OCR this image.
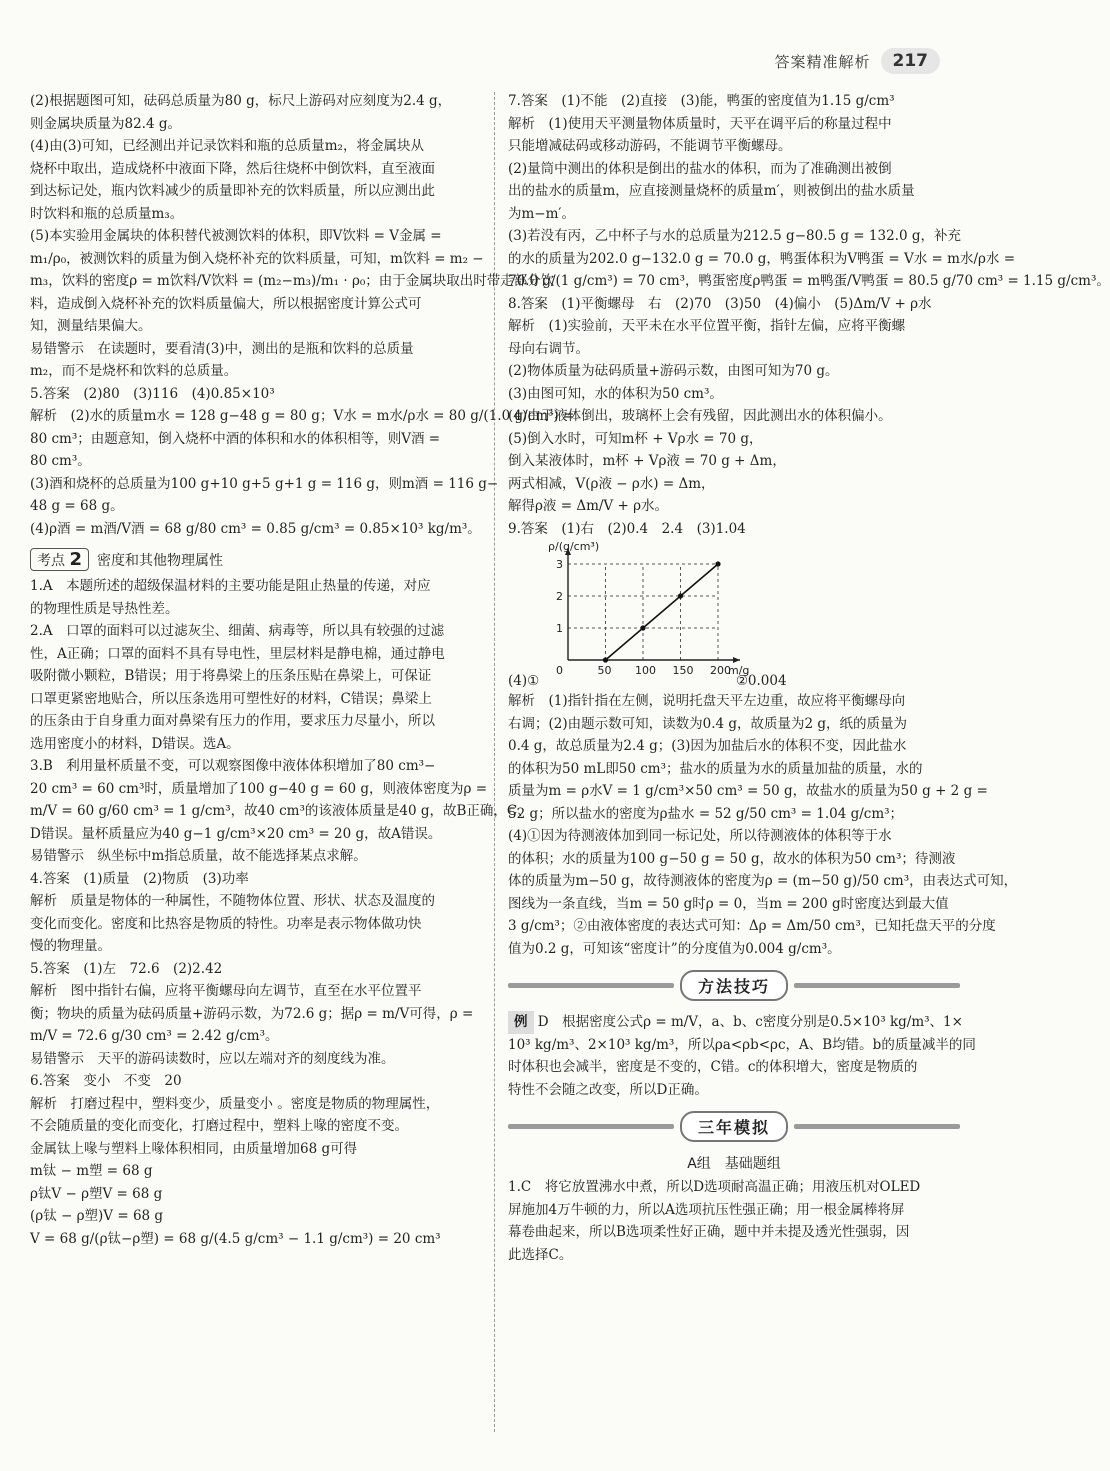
答案精准解析	217
(2)根据题图可知，砝码总质量为80 g，标尺上游码对应刻度为2.4 g，
则金属块质量为82.4 g。
(4)由(3)可知，已经测出并记录饮料和瓶的总质量m₂，将金属块从
烧杯中取出，造成烧杯中液面下降，然后往烧杯中倒饮料，直至液面
到达标记处，瓶内饮料减少的质量即补充的饮料质量，所以应测出此
时饮料和瓶的总质量m₃。
(5)本实验用金属块的体积替代被测饮料的体积，即V饮料 = V金属 =
m₁/ρ₀，被测饮料的质量为倒入烧杯补充的饮料质量，可知，m饮料 = m₂ −
m₃，饮料的密度ρ = m饮料/V饮料 = (m₂−m₃)/m₁ · ρ₀；由于金属块取出时带走部分饮
料，造成倒入烧杯补充的饮料质量偏大，所以根据密度计算公式可
知，测量结果偏大。
易错警示　在读题时，要看清(3)中，测出的是瓶和饮料的总质量
m₂，而不是烧杯和饮料的总质量。
5.答案　(2)80　(3)116　(4)0.85×10³
解析　(2)水的质量m水 = 128 g−48 g = 80 g；V水 = m水/ρ水 = 80 g/(1.0 g/cm³) =
80 cm³；由题意知，倒入烧杯中酒的体积和水的体积相等，则V酒 =
80 cm³。
(3)酒和烧杯的总质量为100 g+10 g+5 g+1 g = 116 g，则m酒 = 116 g−
48 g = 68 g。
(4)ρ酒 = m酒/V酒 = 68 g/80 cm³ = 0.85 g/cm³ = 0.85×10³ kg/m³。
考点 2	密度和其他物理属性
1.A　本题所述的超级保温材料的主要功能是阻止热量的传递，对应
的物理性质是导热性差。
2.A　口罩的面料可以过滤灰尘、细菌、病毒等，所以具有较强的过滤
性，A正确；口罩的面料不具有导电性，里层材料是静电棉，通过静电
吸附微小颗粒，B错误；用于将鼻梁上的压条压贴在鼻梁上，可保证
口罩更紧密地贴合，所以压条选用可塑性好的材料，C错误；鼻梁上
的压条由于自身重力面对鼻梁有压力的作用，要求压力尽量小，所以
选用密度小的材料，D错误。选A。
3.B　利用量杯质量不变，可以观察图像中液体体积增加了80 cm³−
20 cm³ = 60 cm³时，质量增加了100 g−40 g = 60 g，则液体密度为ρ =
m/V = 60 g/60 cm³ = 1 g/cm³，故40 cm³的该液体质量是40 g，故B正确，C、
D错误。量杯质量应为40 g−1 g/cm³×20 cm³ = 20 g，故A错误。
易错警示　纵坐标中m指总质量，故不能选择某点求解。
4.答案　(1)质量　(2)物质　(3)功率
解析　质量是物体的一种属性，不随物体位置、形状、状态及温度的
变化而变化。密度和比热容是物质的特性。功率是表示物体做功快
慢的物理量。
5.答案　(1)左　72.6　(2)2.42
解析　图中指针右偏，应将平衡螺母向左调节，直至在水平位置平
衡；物块的质量为砝码质量+游码示数，为72.6 g；据ρ = m/V可得，ρ =
m/V = 72.6 g/30 cm³ = 2.42 g/cm³。
易错警示　天平的游码读数时，应以左端对齐的刻度线为准。
6.答案　变小　不变　20
解析　打磨过程中，塑料变少，质量变小 。密度是物质的物理属性，
不会随质量的变化而变化，打磨过程中，塑料上喙的密度不变。
金属钛上喙与塑料上喙体积相同，由质量增加68 g可得
m钛 − m塑 = 68 g
ρ钛V − ρ塑V = 68 g
(ρ钛 − ρ塑)V = 68 g
V = 68 g/(ρ钛−ρ塑) = 68 g/(4.5 g/cm³ − 1.1 g/cm³) = 20 cm³
7.答案　(1)不能　(2)直接　(3)能，鸭蛋的密度值为1.15 g/cm³
解析　(1)使用天平测量物体质量时，天平在调平后的称量过程中
只能增减砝码或移动游码，不能调节平衡螺母。
(2)量筒中测出的体积是倒出的盐水的体积，而为了准确测出被倒
出的盐水的质量m，应直接测量烧杯的质量m′，则被倒出的盐水质量
为m−m′。
(3)若没有丙，乙中杯子与水的总质量为212.5 g−80.5 g = 132.0 g，补充
的水的质量为202.0 g−132.0 g = 70.0 g，鸭蛋体积为V鸭蛋 = V水 = m水/ρ水 =
70.0 g/(1 g/cm³) = 70 cm³，鸭蛋密度ρ鸭蛋 = m鸭蛋/V鸭蛋 = 80.5 g/70 cm³ = 1.15 g/cm³。
8.答案　(1)平衡螺母　右　(2)70　(3)50　(4)偏小　(5)Δm/V + ρ水
解析　(1)实验前，天平未在水平位置平衡，指针左偏，应将平衡螺
母向右调节。
(2)物体质量为砝码质量+游码示数，由图可知为70 g。
(3)由图可知，水的体积为50 cm³。
(4)由于液体倒出，玻璃杯上会有残留，因此测出水的体积偏小。
(5)倒入水时，可知m杯 + Vρ水 = 70 g，
倒入某液体时，m杯 + Vρ液 = 70 g + Δm，
两式相减，V(ρ液 − ρ水) = Δm，
解得ρ液 = Δm/V + ρ水。
9.答案　(1)右　(2)0.4　2.4　(3)1.04
1
2
3
0	50 100 150 200
m/g
ρ/(g/cm³)
(4)①	②0.004
解析　(1)指针指在左侧，说明托盘天平左边重，故应将平衡螺母向
右调；(2)由题示数可知，读数为0.4 g，故质量为2 g，纸的质量为
0.4 g，故总质量为2.4 g；(3)因为加盐后水的体积不变，因此盐水
的体积为50 mL即50 cm³；盐水的质量为水的质量加盐的质量，水的
质量为m = ρ水V = 1 g/cm³×50 cm³ = 50 g，故盐水的质量为50 g + 2 g =
52 g；所以盐水的密度为ρ盐水 = 52 g/50 cm³ = 1.04 g/cm³；
(4)①因为待测液体加到同一标记处，所以待测液体的体积等于水
的体积；水的质量为100 g−50 g = 50 g，故水的体积为50 cm³；待测液
体的质量为m−50 g，故待测液体的密度为ρ = (m−50 g)/50 cm³，由表达式可知，
图线为一条直线，当m = 50 g时ρ = 0，当m = 200 g时密度达到最大值
3 g/cm³；②由液体密度的表达式可知：Δρ = Δm/50 cm³，已知托盘天平的分度
值为0.2 g，可知该“密度计”的分度值为0.004 g/cm³。
方法技巧
例 D　根据密度公式ρ = m/V，a、b、c密度分别是0.5×10³ kg/m³、1×
10³ kg/m³、2×10³ kg/m³，所以ρa<ρb<ρc，A、B均错。b的质量减半的同
时体积也会减半，密度是不变的，C错。c的体积增大，密度是物质的
特性不会随之改变，所以D正确。
三年模拟
A组　基础题组
1.C　将它放置沸水中煮，所以D选项耐高温正确；用液压机对OLED
屏施加4万牛顿的力，所以A选项抗压性强正确；用一根金属棒将屏
幕卷曲起来，所以B选项柔性好正确，题中并未提及透光性强弱，因
此选择C。
